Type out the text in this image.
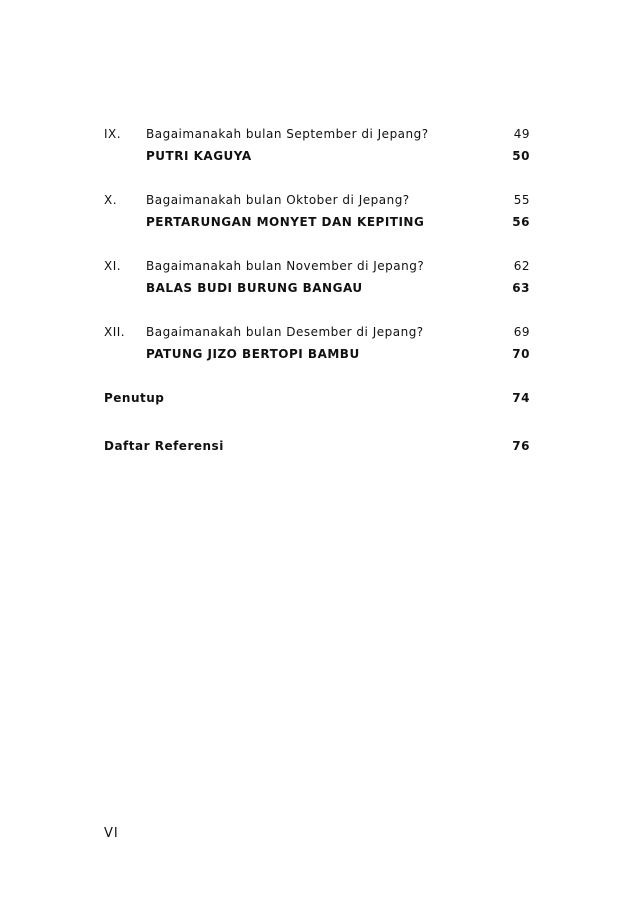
IX. Bagaimanakah bulan September di Jepang?	49
PUTRI KAGUYA	50
X. Bagaimanakah bulan Oktober di Jepang?	55
PERTARUNGAN MONYET DAN KEPITING	56
XI. Bagaimanakah bulan November di Jepang?	62
BALAS BUDI BURUNG BANGAU	63
XII. Bagaimanakah bulan Desember di Jepang?	69
PATUNG JIZO BERTOPI BAMBU	70
Penutup	74
Daftar Referensi	76
VI
